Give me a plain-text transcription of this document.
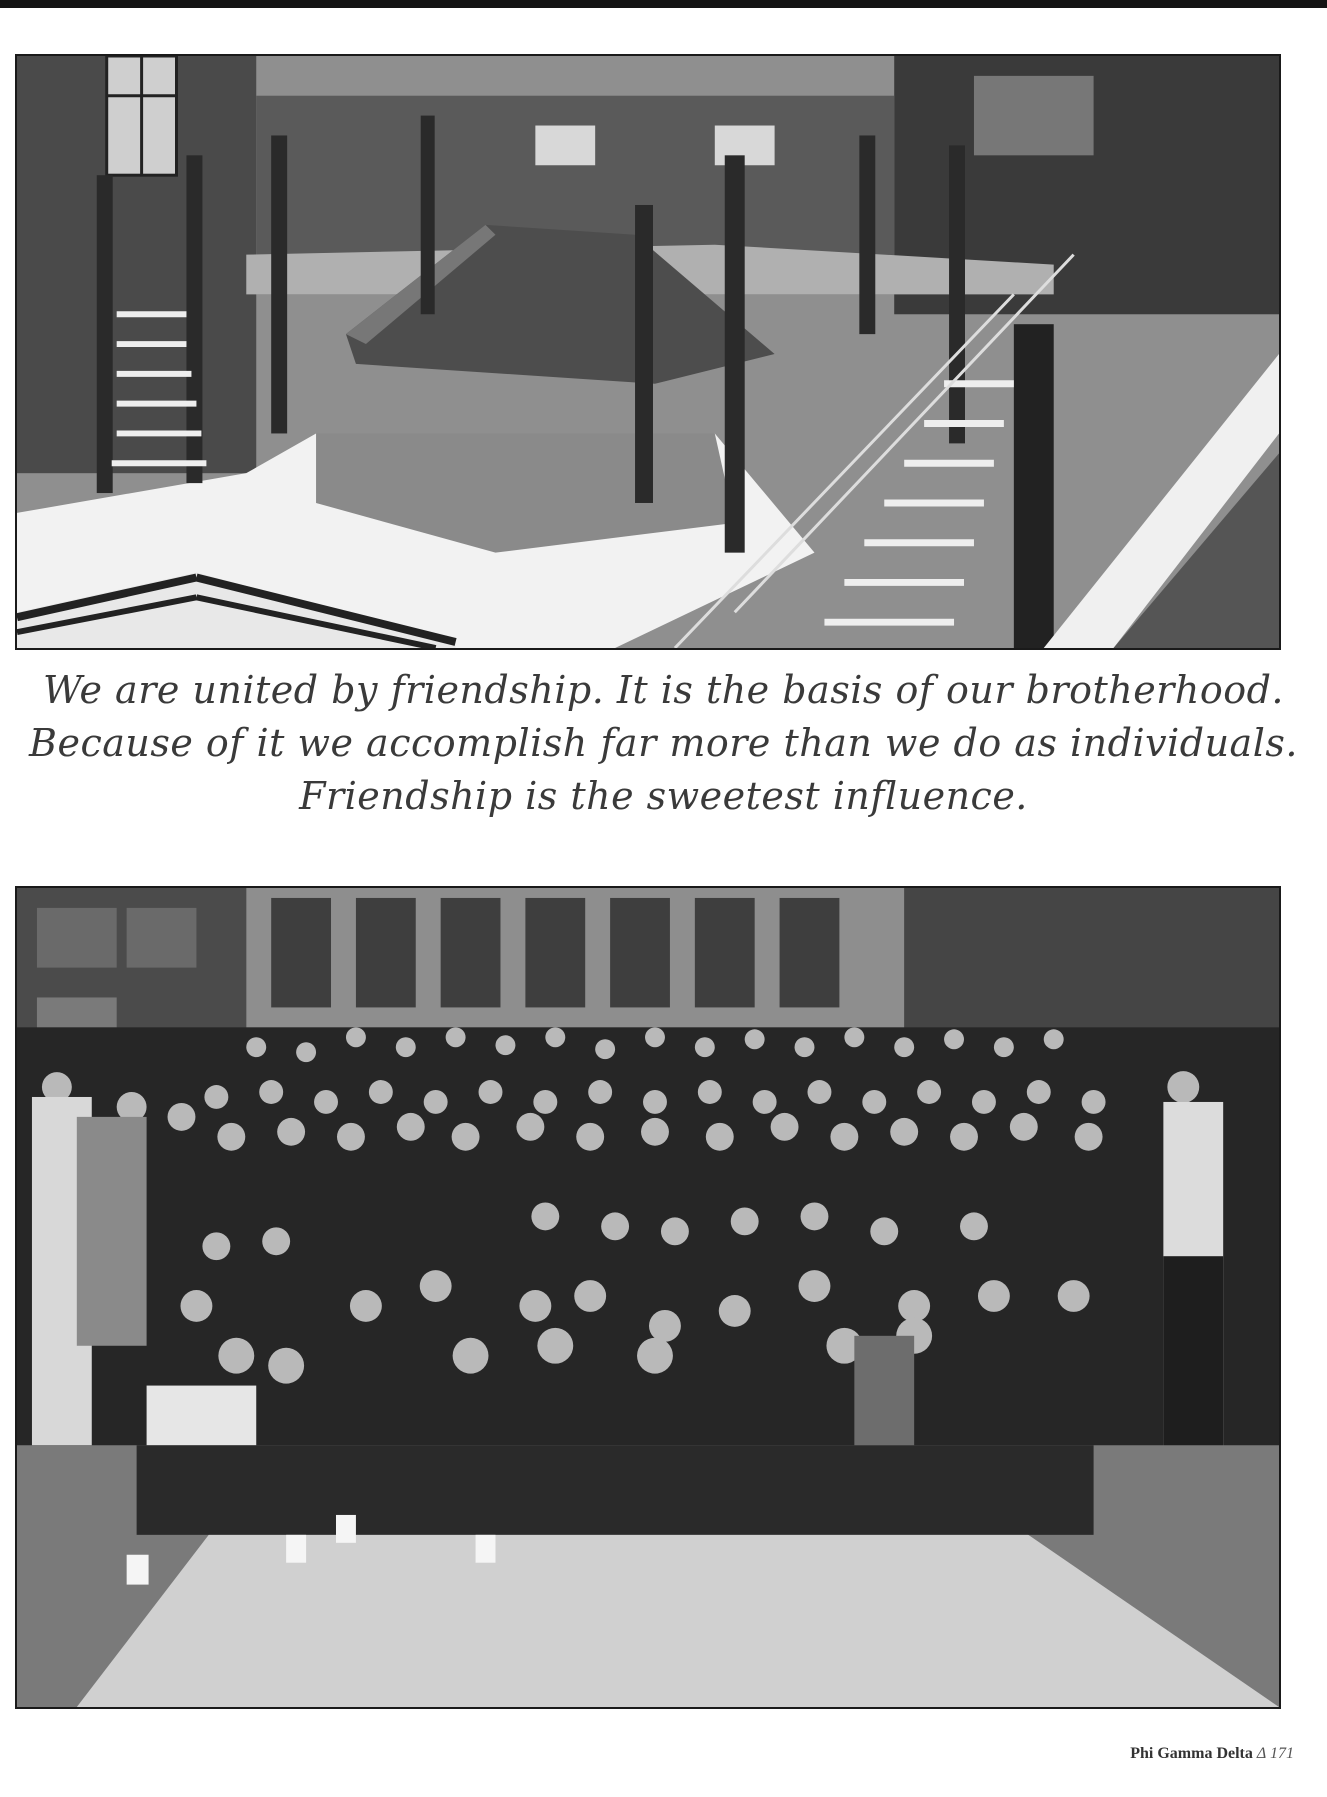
We are united by friendship. It is the basis of our brotherhood.
Because of it we accomplish far more than we do as individuals.
Friendship is the sweetest influence.
Phi Gamma Delta Δ 171
